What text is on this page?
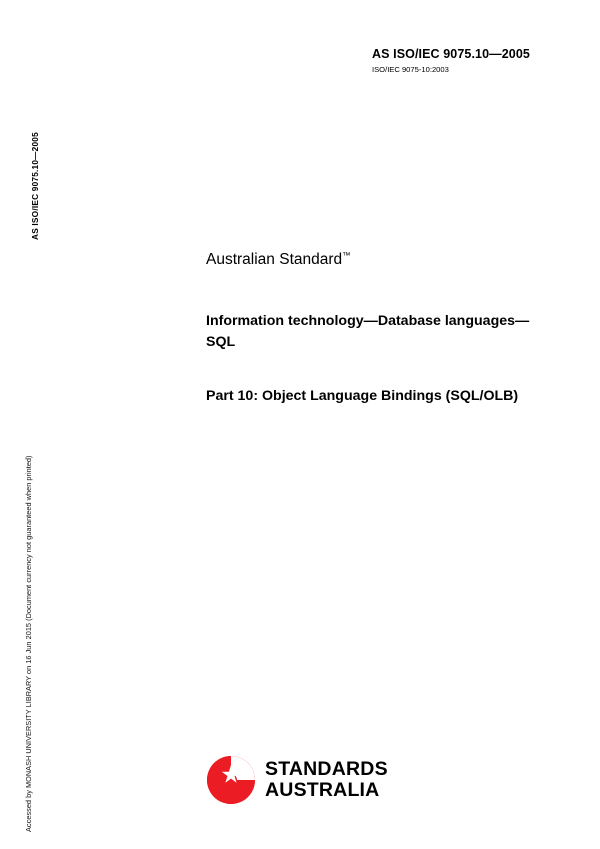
AS ISO/IEC 9075.10—2005
ISO/IEC 9075-10:2003
AS ISO/IEC 9075.10—2005
Accessed by MONASH UNIVERSITY LIBRARY on 16 Jun 2015 (Document currency not guaranteed when printed)
Australian Standard™
Information technology—Database languages—SQL
Part 10: Object Language Bindings (SQL/OLB)
STANDARDS
AUSTRALIA
